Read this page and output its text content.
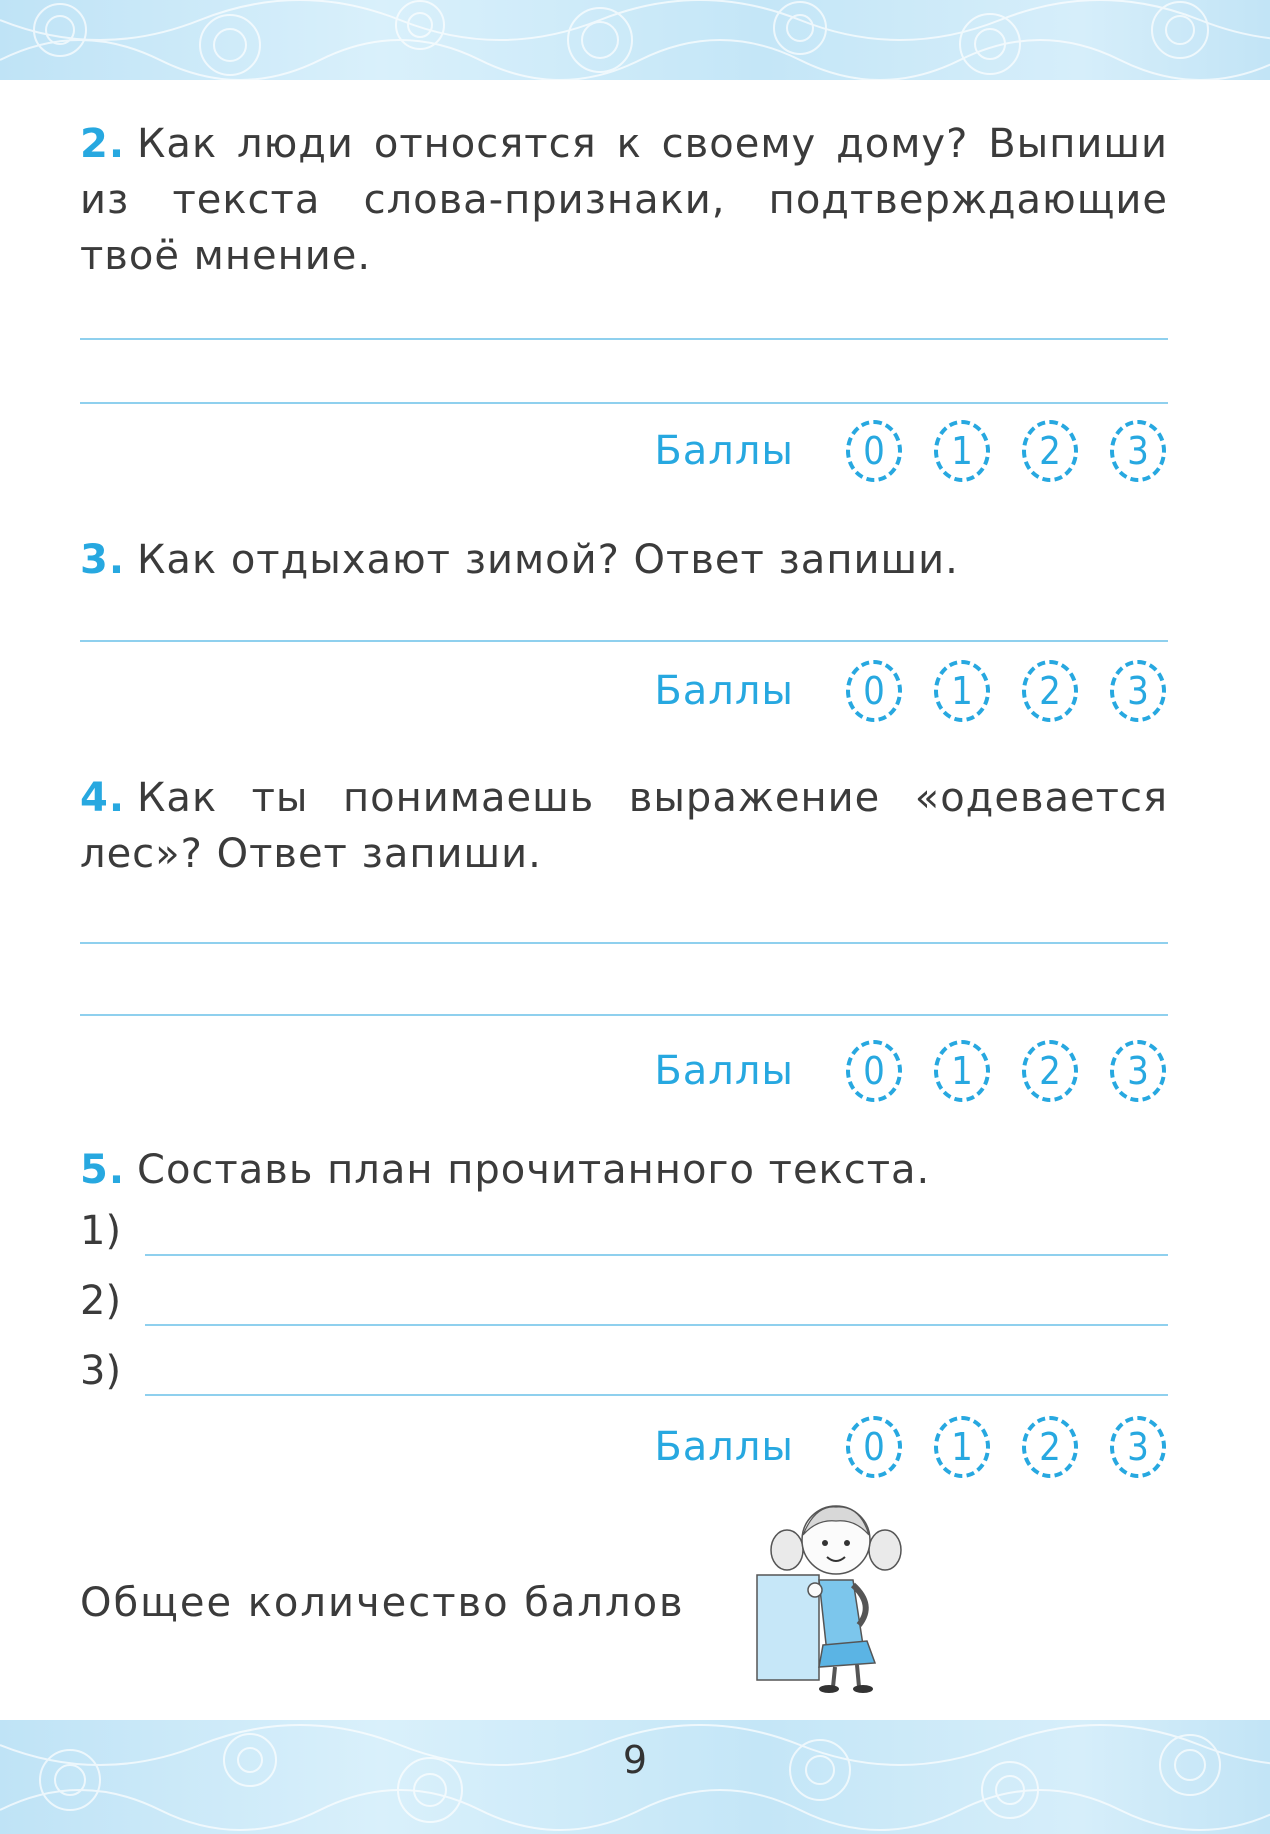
2. Как люди относятся к своему дому? Выпиши из текста слова-признаки, подтверждающие твоё мнение.
Баллы	0	1	2	3
3. Как отдыхают зимой? Ответ запиши.
Баллы	0	1	2	3
4. Как ты понимаешь выражение «одевается лес»? Ответ запиши.
Баллы	0	1	2	3
5. Составь план прочитанного текста.
1)
2)
3)
Баллы	0	1	2	3
Общее количество баллов
9
